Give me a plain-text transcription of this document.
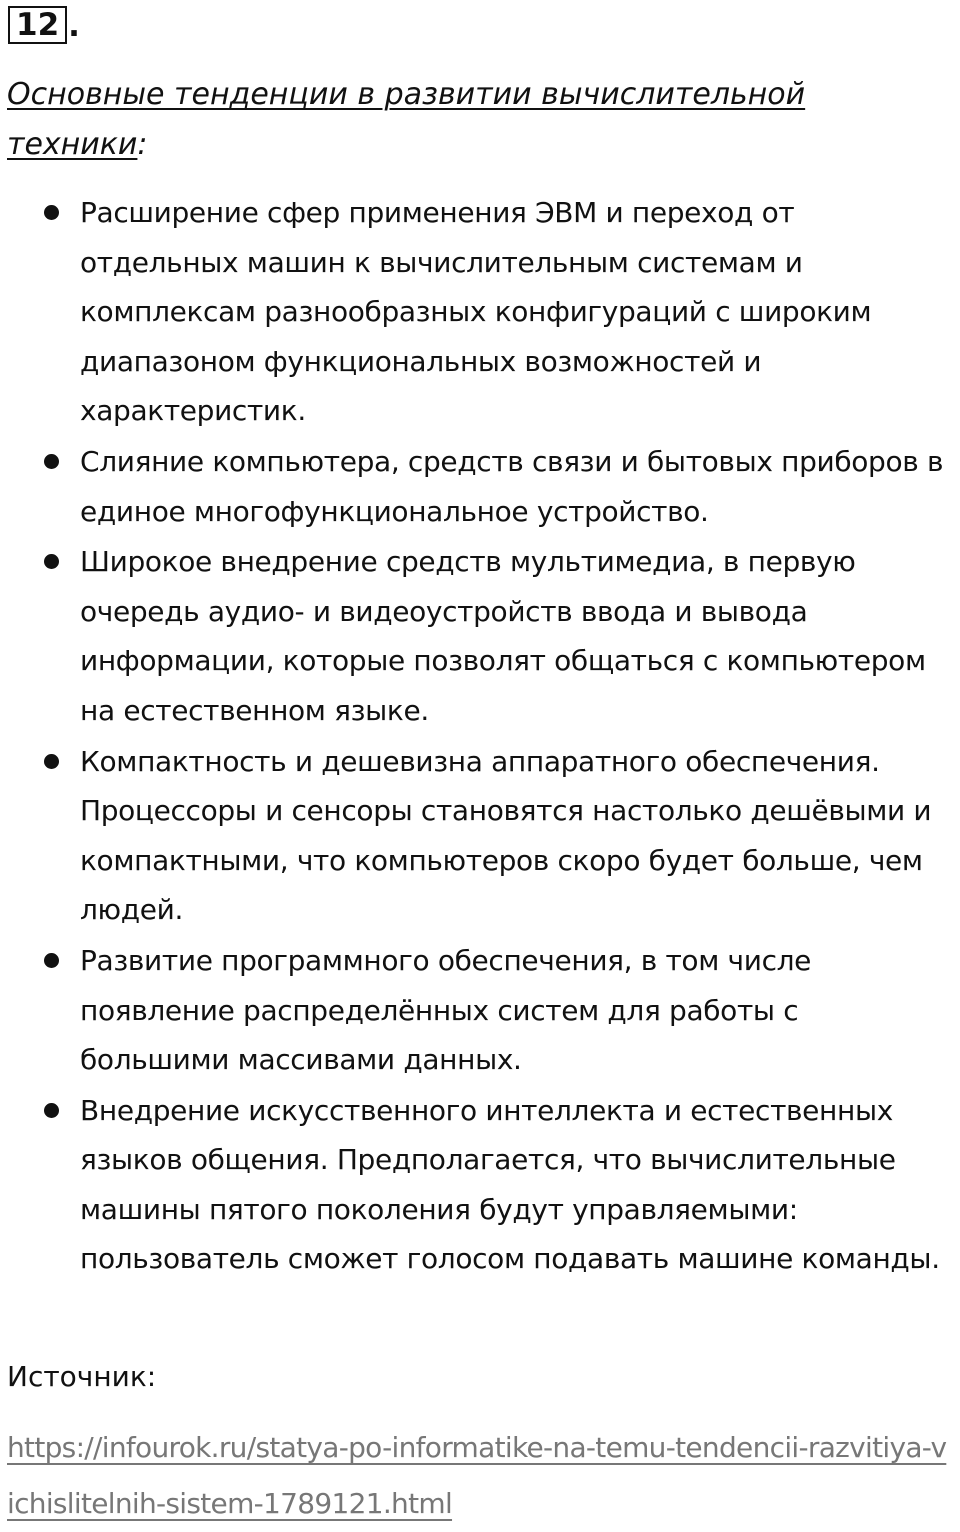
12 .
Основные тенденции в развитии вычислительной техники:
Расширение сфер применения ЭВМ и переход от отдельных машин к вычислительным системам и комплексам разнообразных конфигураций с широким диапазоном функциональных возможностей и характеристик.
Слияние компьютера, средств связи и бытовых приборов в единое многофункциональное устройство.
Широкое внедрение средств мультимедиа, в первую очередь аудио- и видеоустройств ввода и вывода информации, которые позволят общаться с компьютером на естественном языке.
Компактность и дешевизна аппаратного обеспечения. Процессоры и сенсоры становятся настолько дешёвыми и компактными, что компьютеров скоро будет больше, чем людей.
Развитие программного обеспечения, в том числе появление распределённых систем для работы с большими массивами данных.
Внедрение искусственного интеллекта и естественных языков общения. Предполагается, что вычислительные машины пятого поколения будут управляемыми: пользователь сможет голосом подавать машине команды.
Источник:
https://infourok.ru/statya-po-informatike-na-temu-tendencii-razvitiya-vichislitelnih-sistem-1789121.html
